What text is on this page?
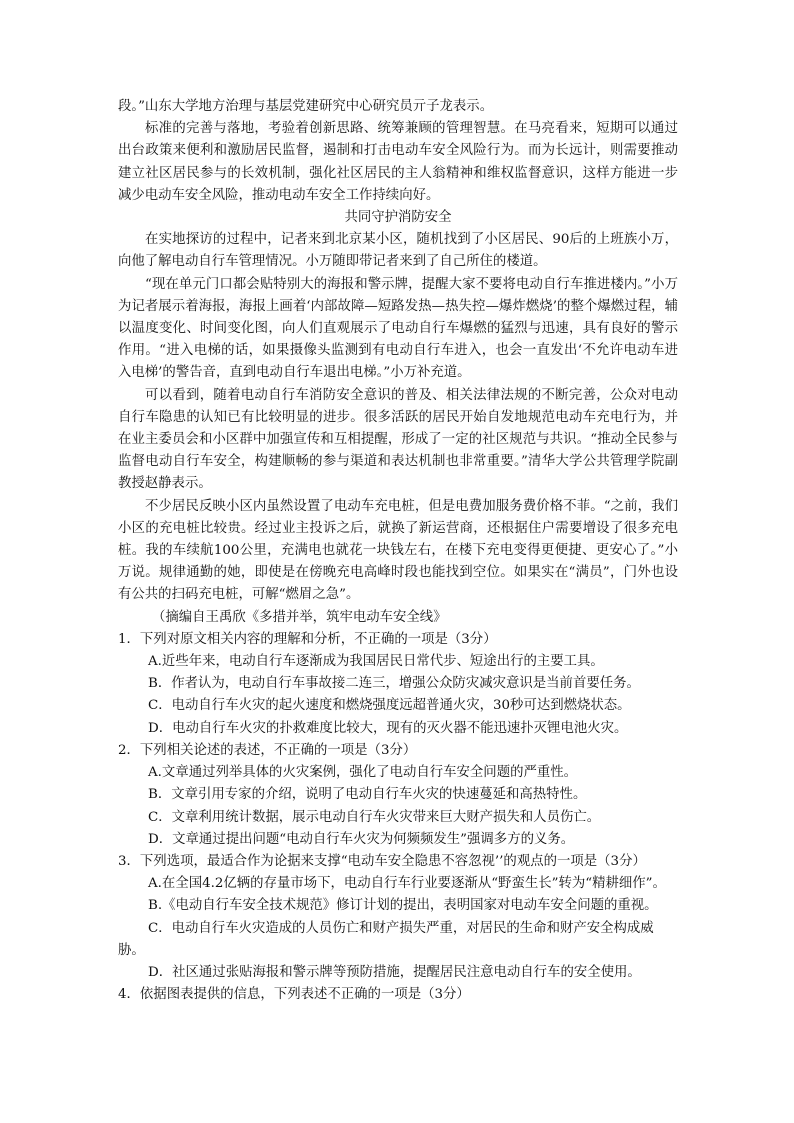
段。”山东大学地方治理与基层党建研究中心研究员亓子龙表示。

标准的完善与落地，考验着创新思路、统筹兼顾的管理智慧。在马亮看来，短期可以通过出台政策来便利和激励居民监督，遏制和打击电动车安全风险行为。而为长远计，则需要推动建立社区居民参与的长效机制，强化社区居民的主人翁精神和维权监督意识，这样方能进一步减少电动车安全风险，推动电动车安全工作持续向好。

共同守护消防安全

在实地探访的过程中，记者来到北京某小区，随机找到了小区居民、90后的上班族小万，向他了解电动自行车管理情况。小万随即带记者来到了自己所住的楼道。

“现在单元门口都会贴特别大的海报和警示牌，提醒大家不要将电动自行车推进楼内。”小万为记者展示着海报，海报上画着‘内部故障—短路发热—热失控—爆炸燃烧’的整个爆燃过程，辅以温度变化、时间变化图，向人们直观展示了电动自行车爆燃的猛烈与迅速，具有良好的警示作用。“进入电梯的话，如果摄像头监测到有电动自行车进入，也会一直发出‘不允许电动车进入电梯’的警告音，直到电动自行车退出电梯。”小万补充道。

可以看到，随着电动自行车消防安全意识的普及、相关法律法规的不断完善，公众对电动自行车隐患的认知已有比较明显的进步。很多活跃的居民开始自发地规范电动车充电行为，并在业主委员会和小区群中加强宣传和互相提醒，形成了一定的社区规范与共识。“推动全民参与监督电动自行车安全，构建顺畅的参与渠道和表达机制也非常重要。”清华大学公共管理学院副教授赵静表示。

不少居民反映小区内虽然设置了电动车充电桩，但是电费加服务费价格不菲。“之前，我们小区的充电桩比较贵。经过业主投诉之后，就换了新运营商，还根据住户需要增设了很多充电桩。我的车续航100公里，充满电也就花一块钱左右，在楼下充电变得更便捷、更安心了。”小万说。规律通勤的她，即使是在傍晚充电高峰时段也能找到空位。如果实在“满员”，门外也设有公共的扫码充电桩，可解“燃眉之急”。

（摘编自王禹欣《多措并举，筑牢电动车安全线》

1．下列对原文相关内容的理解和分析，不正确的一项是（3分）

A.近些年来，电动自行车逐渐成为我国居民日常代步、短途出行的主要工具。

B．作者认为，电动自行车事故接二连三，增强公众防灾减灾意识是当前首要任务。

C．电动自行车火灾的起火速度和燃烧强度远超普通火灾，30秒可达到燃烧状态。

D．电动自行车火灾的扑救难度比较大，现有的灭火器不能迅速扑灭锂电池火灾。

2．下列相关论述的表述，不正确的一项是（3分）

A.文章通过列举具体的火灾案例，强化了电动自行车安全问题的严重性。

B．文章引用专家的介绍，说明了电动自行车火灾的快速蔓延和高热特性。

C．文章利用统计数据，展示电动自行车火灾带来巨大财产损失和人员伤亡。

D．文章通过提出问题“电动自行车火灾为何频频发生”强调多方的义务。

3．下列选项，最适合作为论据来支撑“电动车安全隐患不容忽视’’的观点的一项是（3分）

A.在全国4.2亿辆的存量市场下，电动自行车行业要逐渐从“野蛮生长”转为“精耕细作”。

B.《电动自行车安全技术规范》修订计划的提出，表明国家对电动车安全问题的重视。

C．电动自行车火灾造成的人员伤亡和财产损失严重，对居民的生命和财产安全构成威胁。

D．社区通过张贴海报和警示牌等预防措施，提醒居民注意电动自行车的安全使用。

4．依据图表提供的信息，下列表述不正确的一项是（3分）
